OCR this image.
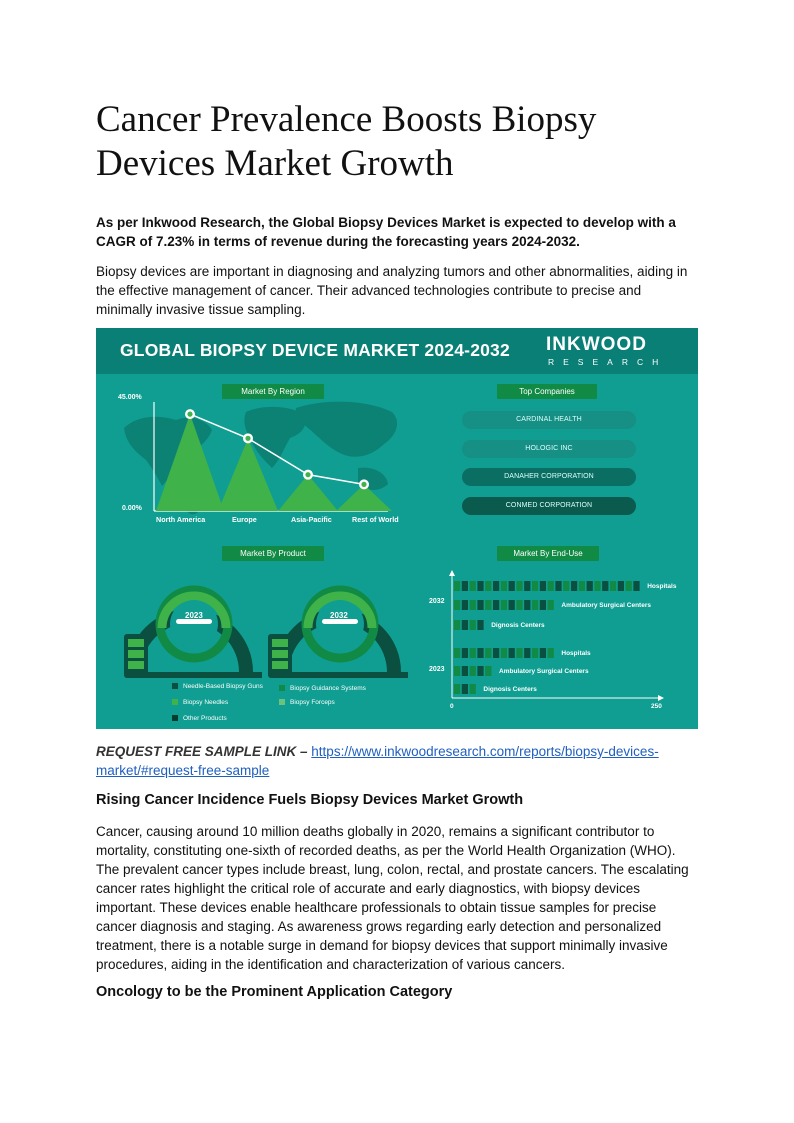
Cancer Prevalence Boosts Biopsy Devices Market Growth

As per Inkwood Research, the Global Biopsy Devices Market is expected to develop with a CAGR of 7.23% in terms of revenue during the forecasting years 2024-2032.

Biopsy devices are important in diagnosing and analyzing tumors and other abnormalities, aiding in the effective management of cancer. Their advanced technologies contribute to precise and minimally invasive tissue sampling.

GLOBAL BIOPSY DEVICE MARKET 2024-2032 INKWOOD
RESEARCH
Market By Region
45.00%
0.00%
North America	Europe	Asia-Pacific	Rest of World
Top Companies
CARDINAL HEALTH
HOLOGIC INC
DANAHER CORPORATION
CONMED CORPORATION
Market By Product
2023	2032
Needle-Based Biopsy Guns
Biopsy Needles
Other Products
Biopsy Guidance Systems
Biopsy Forceps
Market By End-Use
2032
2023
0	250
Hospitals
Ambulatory Surgical Centers
Dignosis Centers
Hospitals
Ambulatory Surgical Centers
Dignosis Centers

REQUEST FREE SAMPLE LINK – https://www.inkwoodresearch.com/reports/biopsy-devices-market/#request-free-sample

Rising Cancer Incidence Fuels Biopsy Devices Market Growth

Cancer, causing around 10 million deaths globally in 2020, remains a significant contributor to mortality, constituting one-sixth of recorded deaths, as per the World Health Organization (WHO). The prevalent cancer types include breast, lung, colon, rectal, and prostate cancers. The escalating cancer rates highlight the critical role of accurate and early diagnostics, with biopsy devices important. These devices enable healthcare professionals to obtain tissue samples for precise cancer diagnosis and staging. As awareness grows regarding early detection and personalized treatment, there is a notable surge in demand for biopsy devices that support minimally invasive procedures, aiding in the identification and characterization of various cancers.

Oncology to be the Prominent Application Category
